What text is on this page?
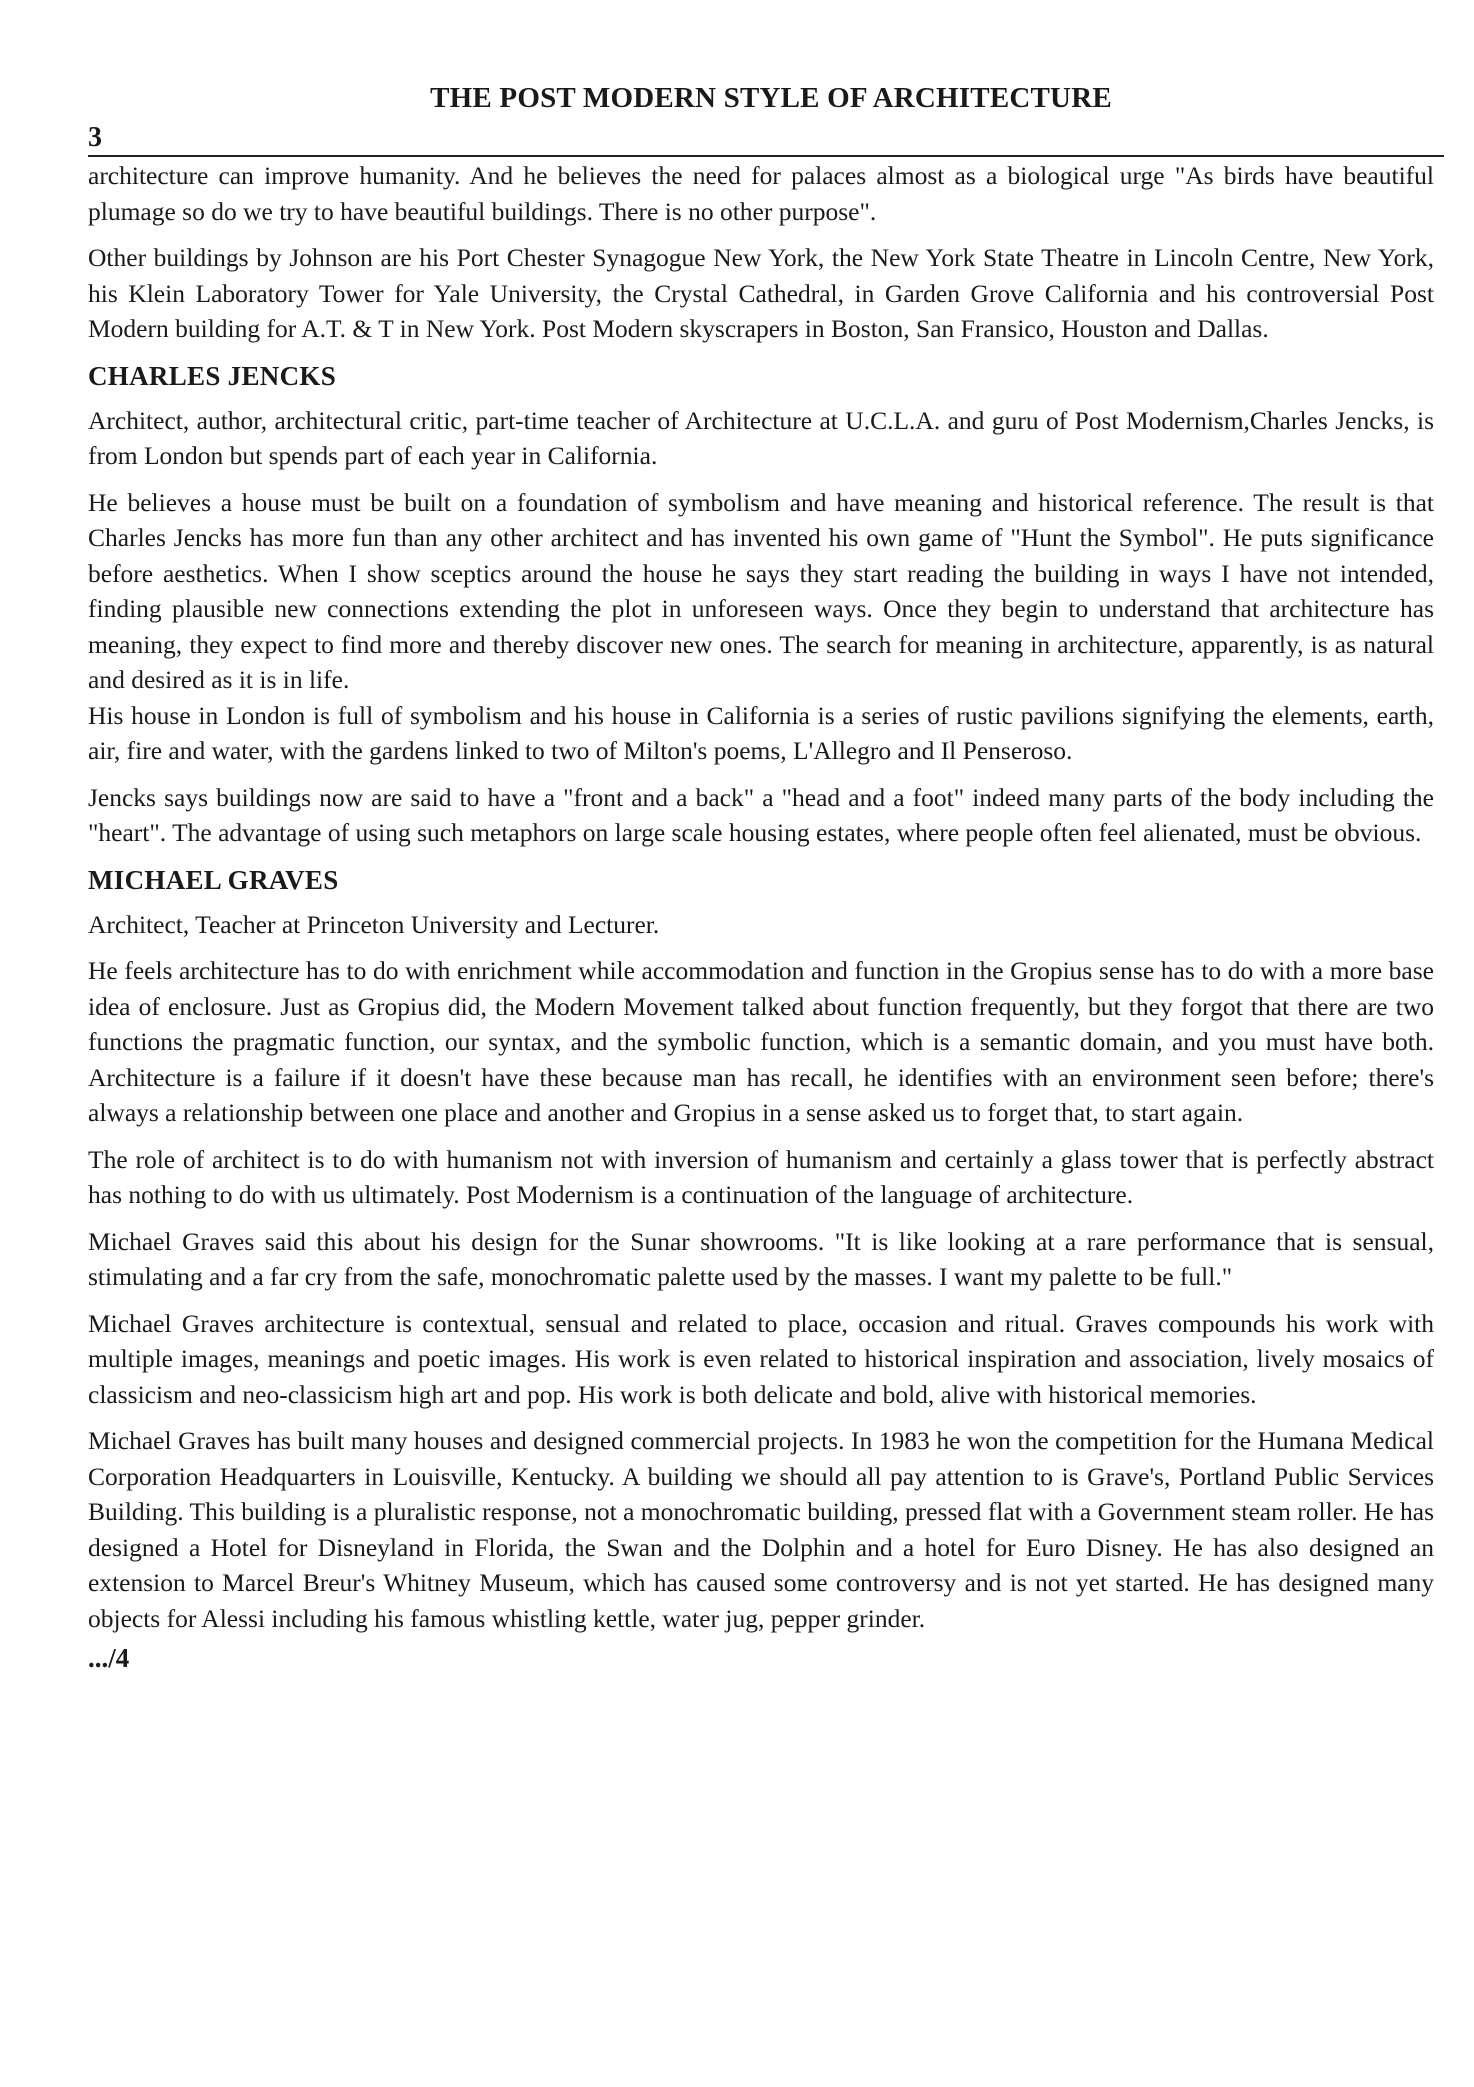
THE POST MODERN STYLE OF ARCHITECTURE
3

architecture can improve humanity. And he believes the need for palaces almost as a biological urge "As birds have beautiful plumage so do we try to have beautiful buildings. There is no other purpose".

Other buildings by Johnson are his Port Chester Synagogue New York, the New York State Theatre in Lincoln Centre, New York, his Klein Laboratory Tower for Yale University, the Crystal Cathedral, in Garden Grove California and his controversial Post Modern building for A.T. & T in New York. Post Modern skyscrapers in Boston, San Fransico, Houston and Dallas.

CHARLES JENCKS

Architect, author, architectural critic, part-time teacher of Architecture at U.C.L.A. and guru of Post Modernism,Charles Jencks, is from London but spends part of each year in California.

He believes a house must be built on a foundation of symbolism and have meaning and historical reference. The result is that Charles Jencks has more fun than any other architect and has invented his own game of "Hunt the Symbol". He puts significance before aesthetics. When I show sceptics around the house he says they start reading the building in ways I have not intended, finding plausible new connections extending the plot in unforeseen ways. Once they begin to understand that architecture has meaning, they expect to find more and thereby discover new ones. The search for meaning in architecture, apparently, is as natural and desired as it is in life.

His house in London is full of symbolism and his house in California is a series of rustic pavilions signifying the elements, earth, air, fire and water, with the gardens linked to two of Milton's poems, L'Allegro and Il Penseroso.

Jencks says buildings now are said to have a "front and a back" a "head and a foot" indeed many parts of the body including the "heart". The advantage of using such metaphors on large scale housing estates, where people often feel alienated, must be obvious.

MICHAEL GRAVES

Architect, Teacher at Princeton University and Lecturer.

He feels architecture has to do with enrichment while accommodation and function in the Gropius sense has to do with a more base idea of enclosure. Just as Gropius did, the Modern Movement talked about function frequently, but they forgot that there are two functions the pragmatic function, our syntax, and the symbolic function, which is a semantic domain, and you must have both. Architecture is a failure if it doesn't have these because man has recall, he identifies with an environment seen before; there's always a relationship between one place and another and Gropius in a sense asked us to forget that, to start again.

The role of architect is to do with humanism not with inversion of humanism and certainly a glass tower that is perfectly abstract has nothing to do with us ultimately. Post Modernism is a continuation of the language of architecture.

Michael Graves said this about his design for the Sunar showrooms. "It is like looking at a rare performance that is sensual, stimulating and a far cry from the safe, monochromatic palette used by the masses. I want my palette to be full."

Michael Graves architecture is contextual, sensual and related to place, occasion and ritual. Graves compounds his work with multiple images, meanings and poetic images. His work is even related to historical inspiration and association, lively mosaics of classicism and neo-classicism high art and pop. His work is both delicate and bold, alive with historical memories.

Michael Graves has built many houses and designed commercial projects. In 1983 he won the competition for the Humana Medical Corporation Headquarters in Louisville, Kentucky. A building we should all pay attention to is Grave's, Portland Public Services Building. This building is a pluralistic response, not a monochromatic building, pressed flat with a Government steam roller. He has designed a Hotel for Disneyland in Florida, the Swan and the Dolphin and a hotel for Euro Disney. He has also designed an extension to Marcel Breur's Whitney Museum, which has caused some controversy and is not yet started. He has designed many objects for Alessi including his famous whistling kettle, water jug, pepper grinder.

.../4
